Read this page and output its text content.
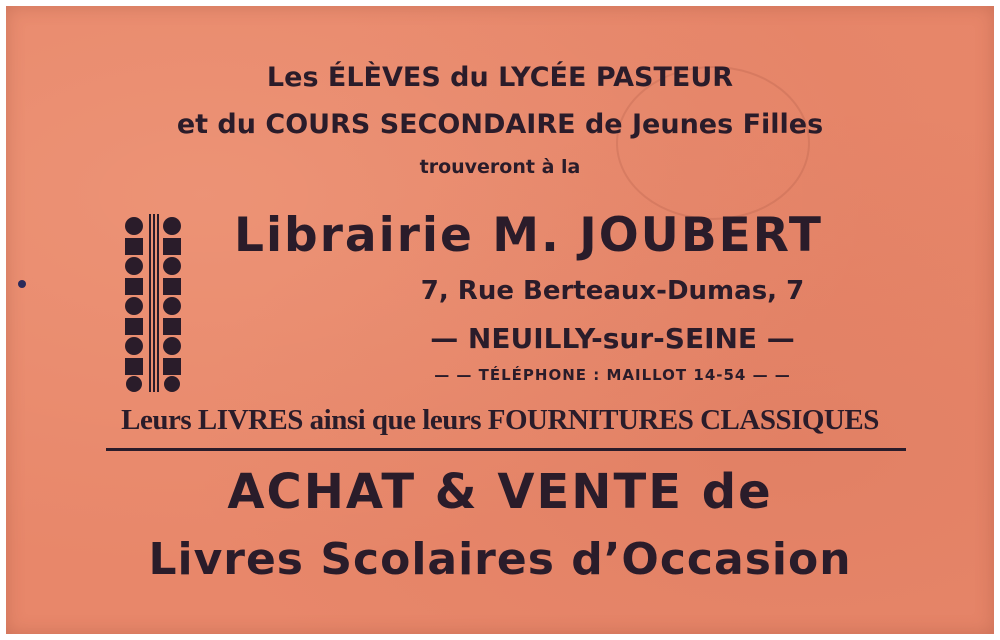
Les ÉLÈVES du LYCÉE PASTEUR
et du COURS SECONDAIRE de Jeunes Filles
trouveront à la
Librairie M. JOUBERT
7, Rue Berteaux-Dumas, 7
— NEUILLY-sur-SEINE —
— — TÉLÉPHONE : MAILLOT 14-54 — —
Leurs LIVRES ainsi que leurs FOURNITURES CLASSIQUES
ACHAT & VENTE de
Livres Scolaires d’Occasion
